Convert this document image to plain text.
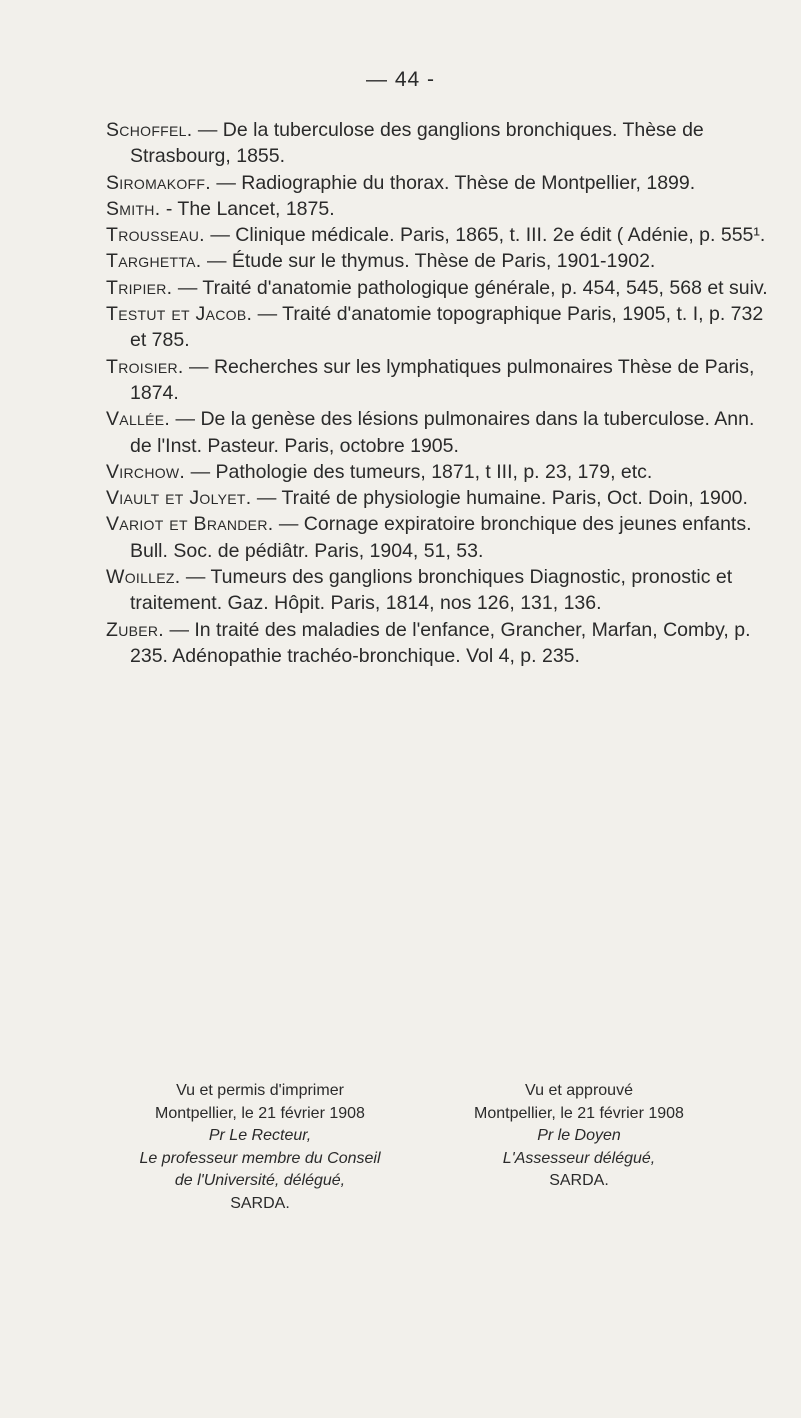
— 44 -

Schoffel. — De la tuberculose des ganglions bronchiques. Thèse de Strasbourg, 1855.

Siromakoff. — Radiographie du thorax. Thèse de Montpellier, 1899.

Smith. - The Lancet, 1875.

Trousseau. — Clinique médicale. Paris, 1865, t. III. 2e édit ( Adénie, p. 555¹.

Targhetta. — Étude sur le thymus. Thèse de Paris, 1901-1902.

Tripier. — Traité d'anatomie pathologique générale, p. 454, 545, 568 et suiv.

Testut et Jacob. — Traité d'anatomie topographique Paris, 1905, t. I, p. 732 et 785.

Troisier. — Recherches sur les lymphatiques pulmonaires Thèse de Paris, 1874.

Vallée. — De la genèse des lésions pulmonaires dans la tuberculose. Ann. de l'Inst. Pasteur. Paris, octobre 1905.

Virchow. — Pathologie des tumeurs, 1871, t III, p. 23, 179, etc.

Viault et Jolyet. — Traité de physiologie humaine. Paris, Oct. Doin, 1900.

Variot et Brander. — Cornage expiratoire bronchique des jeunes enfants. Bull. Soc. de pédiâtr. Paris, 1904, 51, 53.

Woillez. — Tumeurs des ganglions bronchiques Diagnostic, pronostic et traitement. Gaz. Hôpit. Paris, 1814, nos 126, 131, 136.

Zuber. — In traité des maladies de l'enfance, Grancher, Marfan, Comby, p. 235. Adénopathie trachéo-bronchique. Vol 4, p. 235.

Vu et permis d'imprimer
Montpellier, le 21 février 1908
Pr Le Recteur,
Le professeur membre du Conseil
de l'Université, délégué,
SARDA.
Vu et approuvé
Montpellier, le 21 février 1908
Pr le Doyen
L'Assesseur délégué,
SARDA.
